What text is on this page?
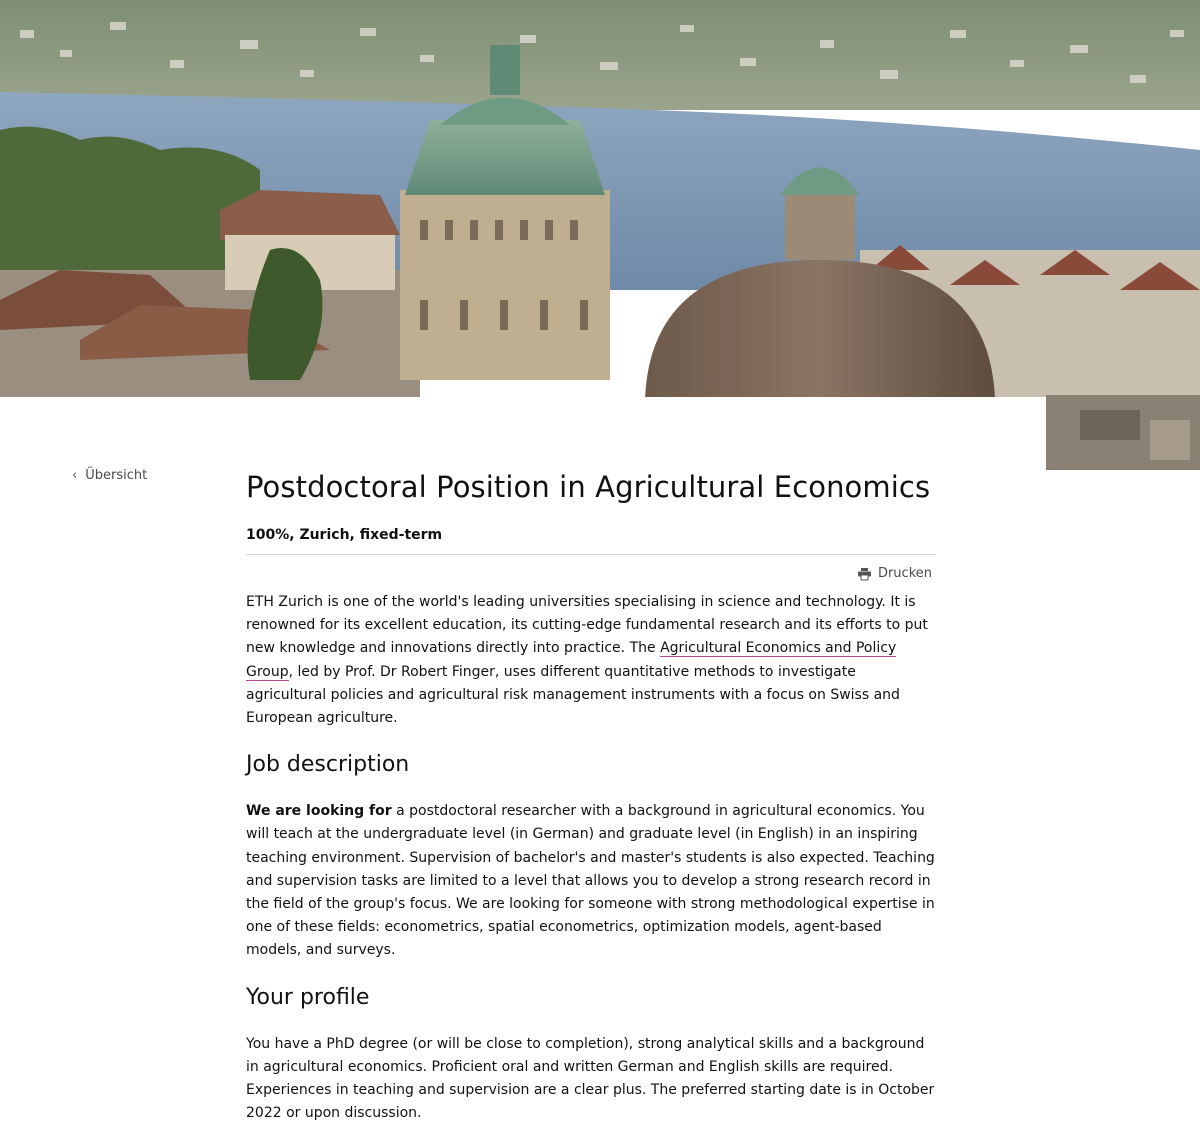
‹ Übersicht	Postdoctoral Position in Agricultural Economics
100%, Zurich, fixed-term
Drucken

ETH Zurich is one of the world's leading universities specialising in science and technology. It is renowned for its excellent education, its cutting-edge fundamental research and its efforts to put new knowledge and innovations directly into practice. The Agricultural Economics and Policy Group, led by Prof. Dr Robert Finger, uses different quantitative methods to investigate agricultural policies and agricultural risk management instruments with a focus on Swiss and European agriculture.

Job description

We are looking for a postdoctoral researcher with a background in agricultural economics. You will teach at the undergraduate level (in German) and graduate level (in English) in an inspiring teaching environment. Supervision of bachelor's and master's students is also expected. Teaching and supervision tasks are limited to a level that allows you to develop a strong research record in the field of the group's focus. We are looking for someone with strong methodological expertise in one of these fields: econometrics, spatial econometrics, optimization models, agent-based models, and surveys.

Your profile

You have a PhD degree (or will be close to completion), strong analytical skills and a background in agricultural economics. Proficient oral and written German and English skills are required. Experiences in teaching and supervision are a clear plus. The preferred starting date is in October 2022 or upon discussion.
